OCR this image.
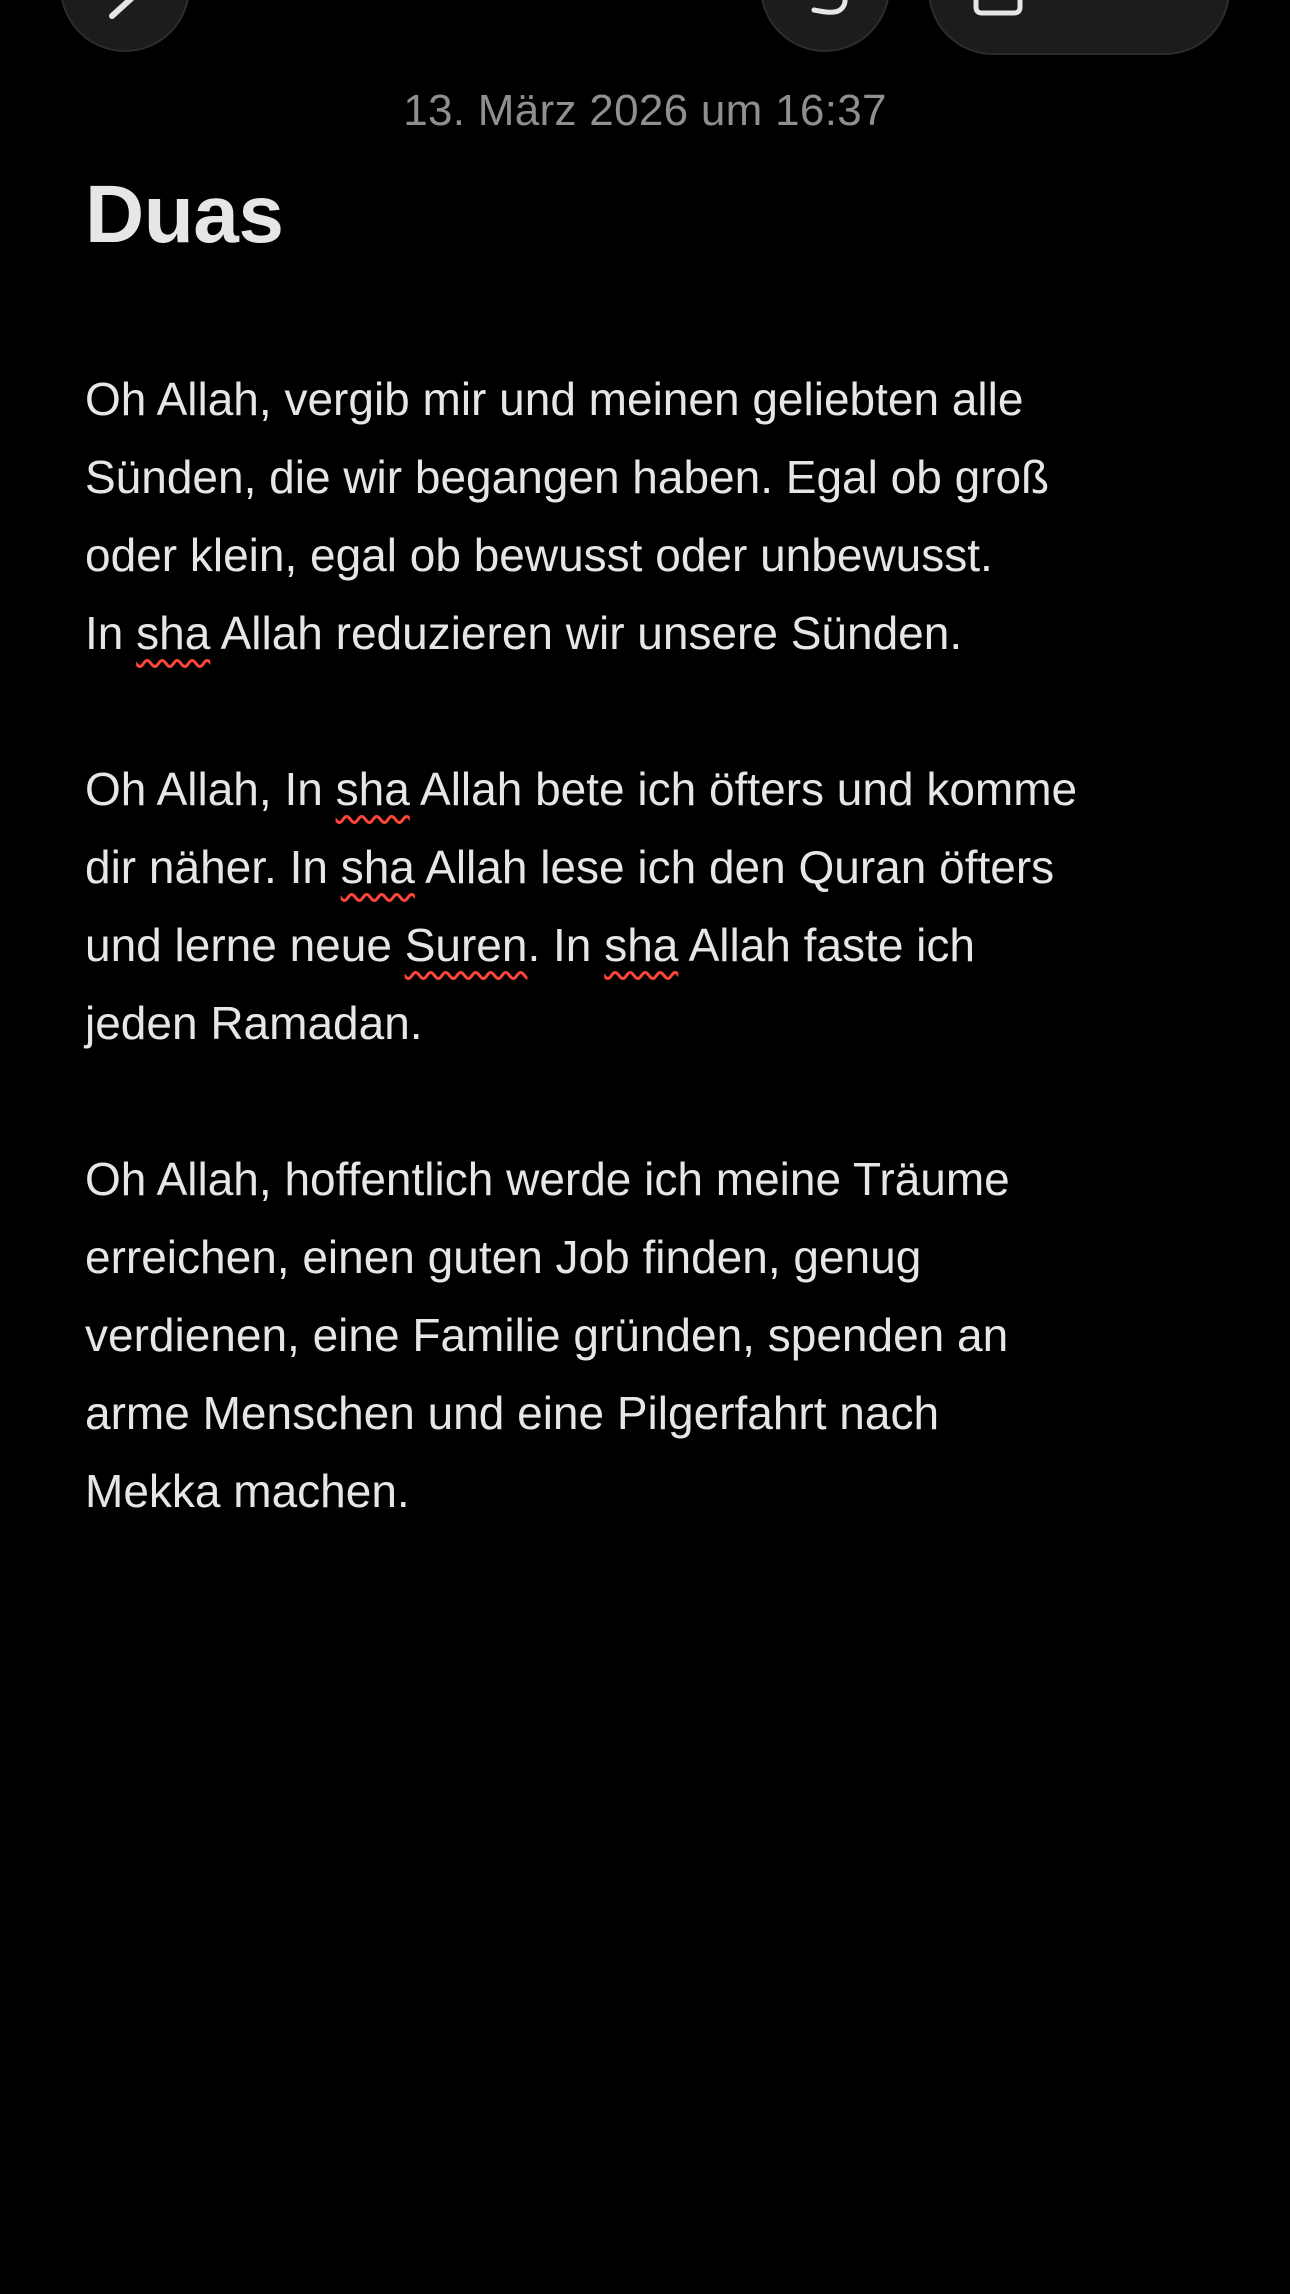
13. März 2026 um 16:37
Duas

Oh Allah, vergib mir und meinen geliebten alle
Sünden, die wir begangen haben. Egal ob groß
oder klein, egal ob bewusst oder unbewusst.
In sha Allah reduzieren wir unsere Sünden.

Oh Allah, In sha Allah bete ich öfters und komme
dir näher. In sha Allah lese ich den Quran öfters
und lerne neue Suren. In sha Allah faste ich
jeden Ramadan.

Oh Allah, hoffentlich werde ich meine Träume
erreichen, einen guten Job finden, genug
verdienen, eine Familie gründen, spenden an
arme Menschen und eine Pilgerfahrt nach
Mekka machen.
